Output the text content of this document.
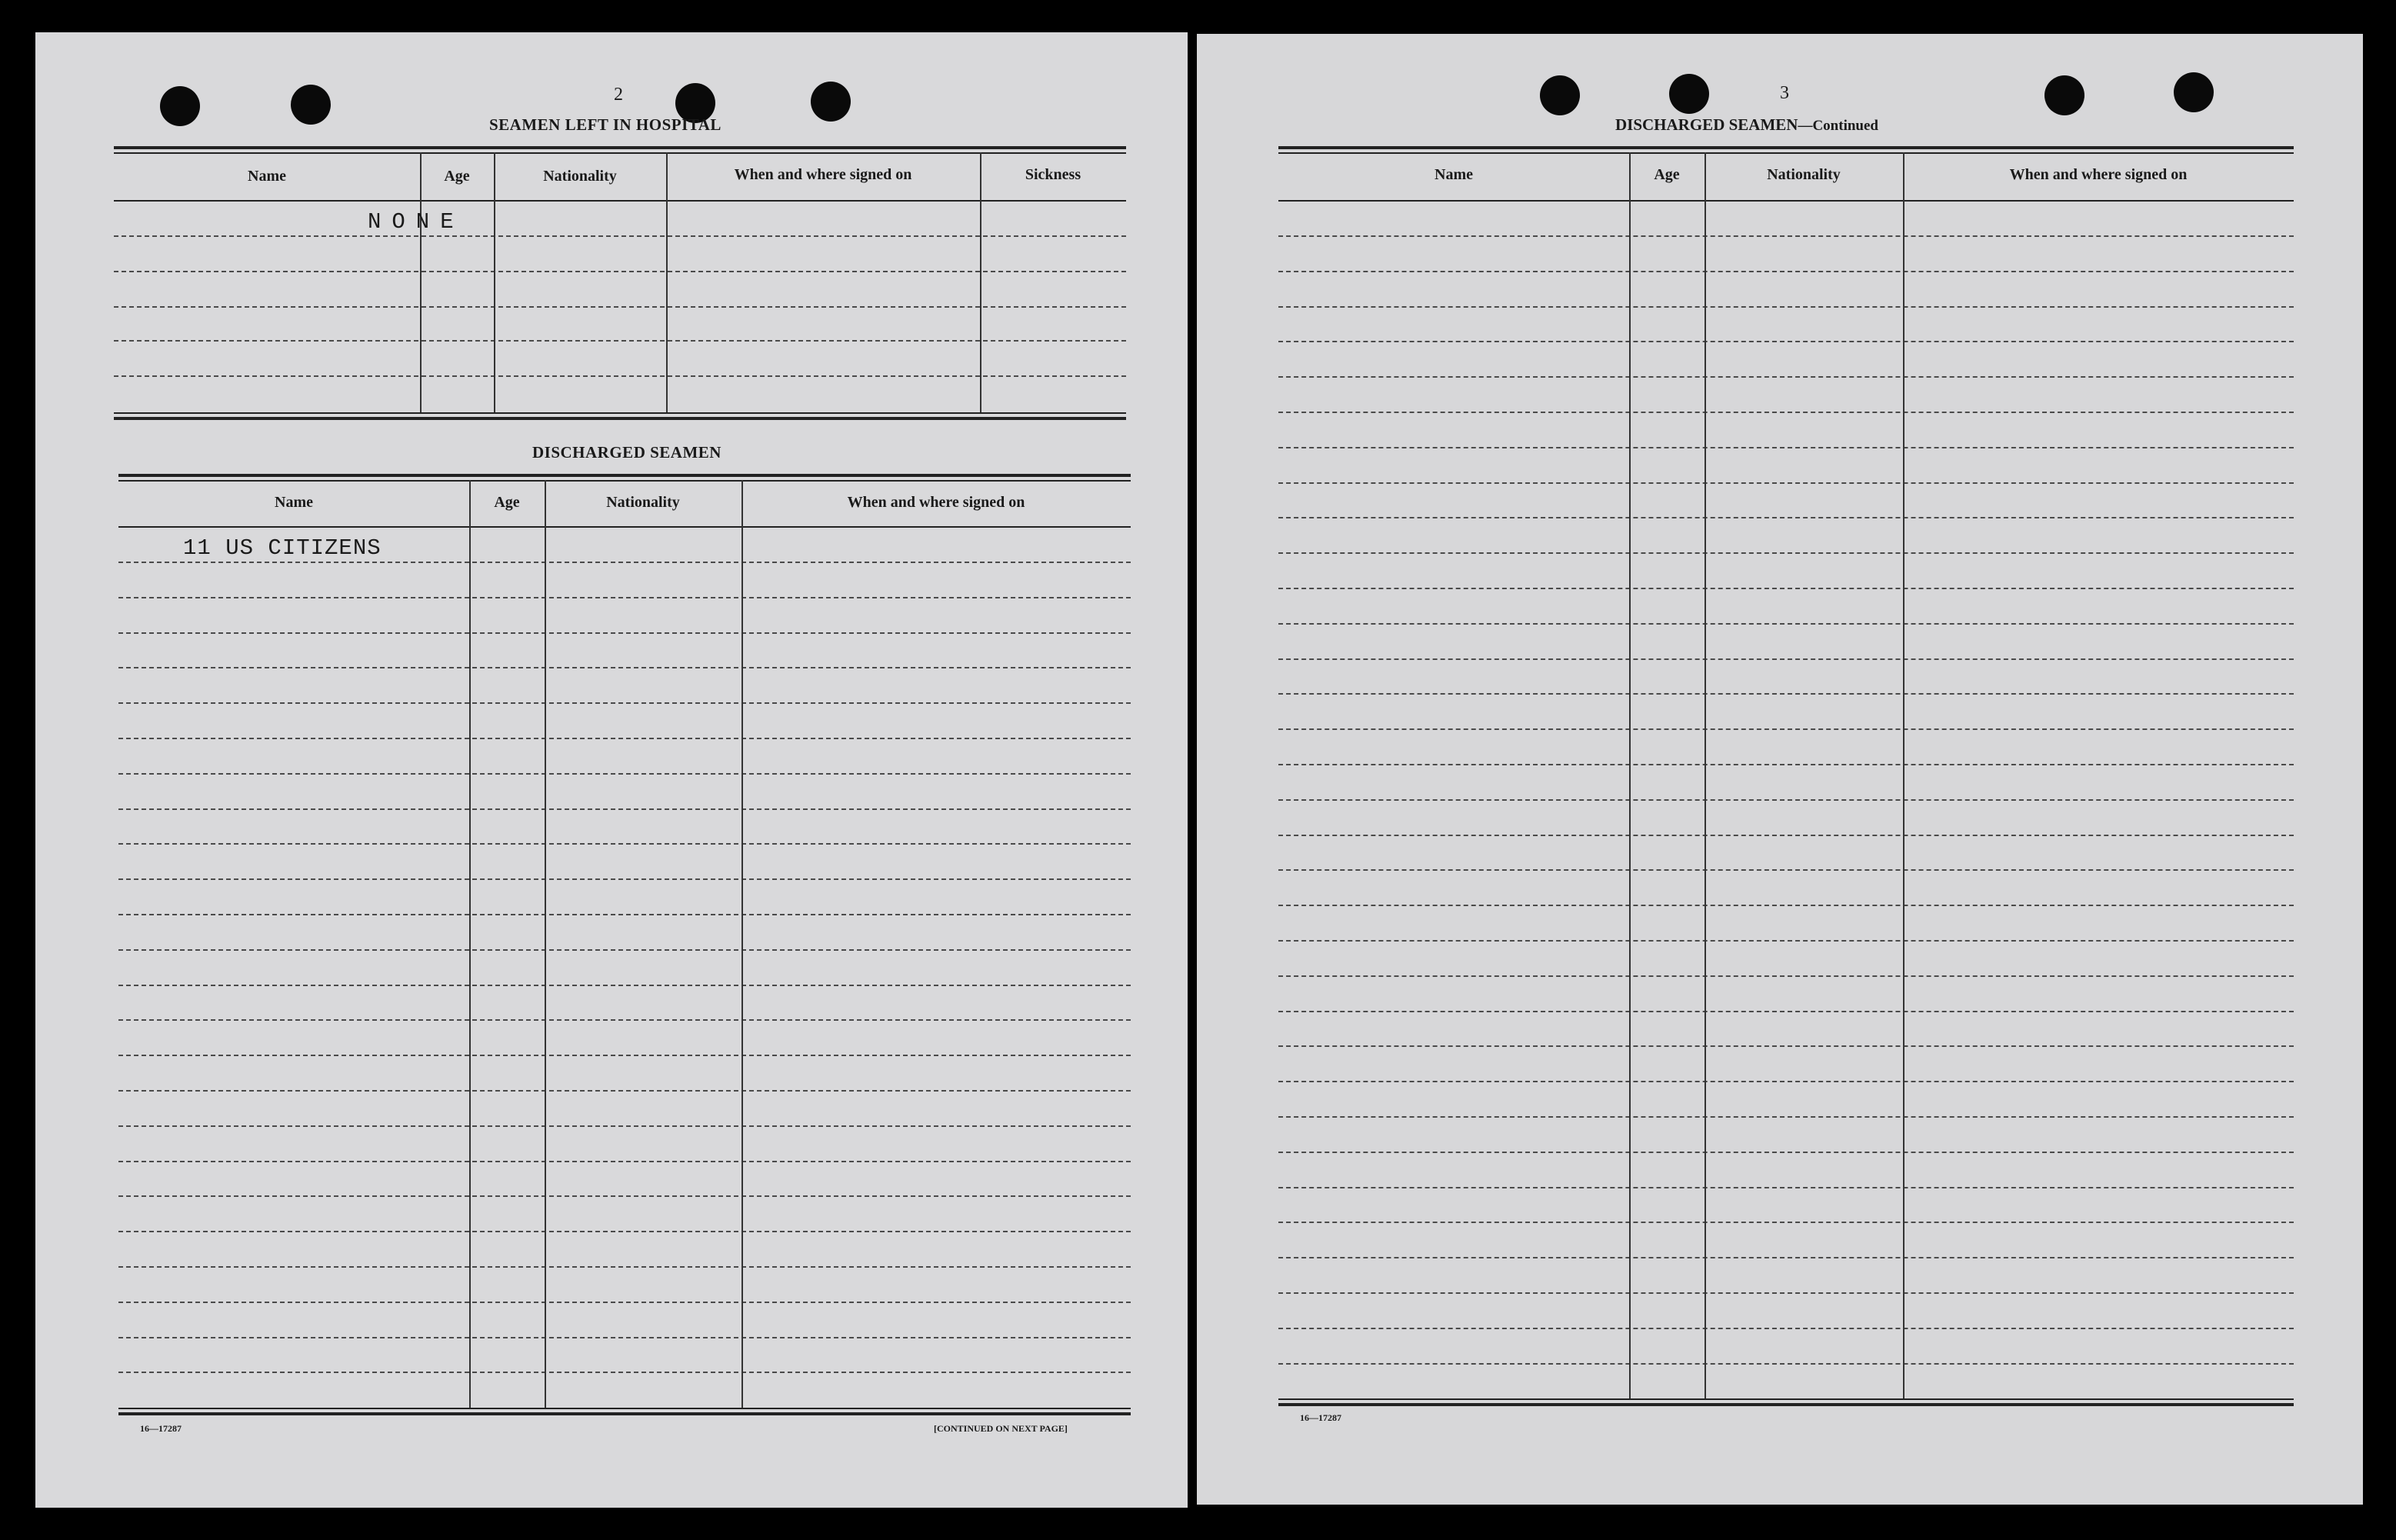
2
SEAMEN LEFT IN HOSPITAL
Name	Age	Nationality	When and where signed on	Sickness
NONE
DISCHARGED SEAMEN
Name	Age	Nationality	When and where signed on
11 US CITIZENS
16—17287	[CONTINUED ON NEXT PAGE]
3
DISCHARGED SEAMEN—Continued
Name	Age	Nationality	When and where signed on
16—17287
